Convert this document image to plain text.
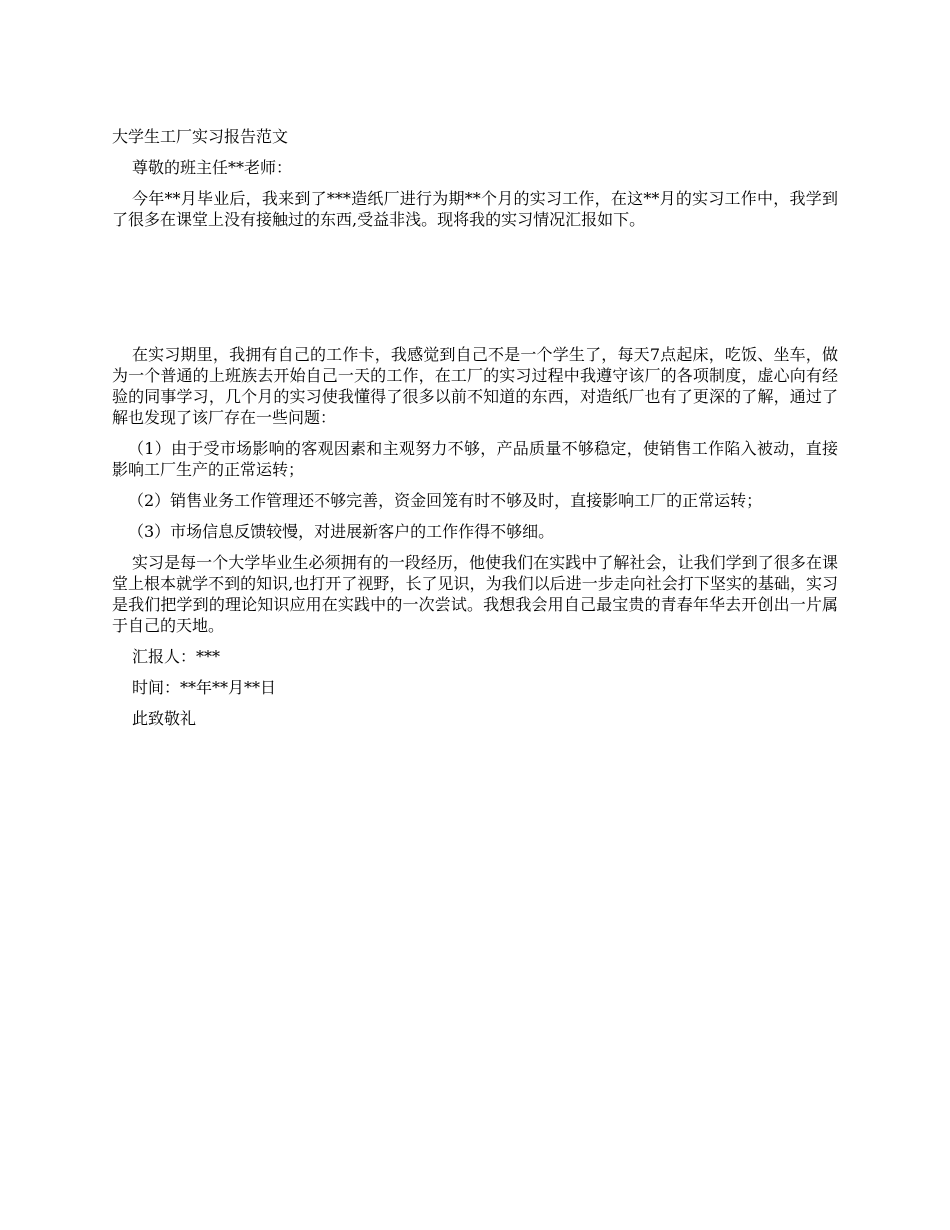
大学生工厂实习报告范文

尊敬的班主任**老师：

今年**月毕业后，我来到了***造纸厂进行为期**个月的实习工作，在这**月的实习工作中，我学到了很多在课堂上没有接触过的东西,受益非浅。现将我的实习情况汇报如下。

在实习期里，我拥有自己的工作卡，我感觉到自己不是一个学生了，每天7点起床，吃饭、坐车，做为一个普通的上班族去开始自己一天的工作，在工厂的实习过程中我遵守该厂的各项制度，虚心向有经验的同事学习，几个月的实习使我懂得了很多以前不知道的东西，对造纸厂也有了更深的了解，通过了解也发现了该厂存在一些问题：

（1）由于受市场影响的客观因素和主观努力不够，产品质量不够稳定，使销售工作陷入被动，直接影响工厂生产的正常运转；

（2）销售业务工作管理还不够完善，资金回笼有时不够及时，直接影响工厂的正常运转；

（3）市场信息反馈较慢，对进展新客户的工作作得不够细。

实习是每一个大学毕业生必须拥有的一段经历，他使我们在实践中了解社会，让我们学到了很多在课堂上根本就学不到的知识,也打开了视野，长了见识，为我们以后进一步走向社会打下坚实的基础，实习是我们把学到的理论知识应用在实践中的一次尝试。我想我会用自己最宝贵的青春年华去开创出一片属于自己的天地。

汇报人：***

时间：**年**月**日

此致敬礼
